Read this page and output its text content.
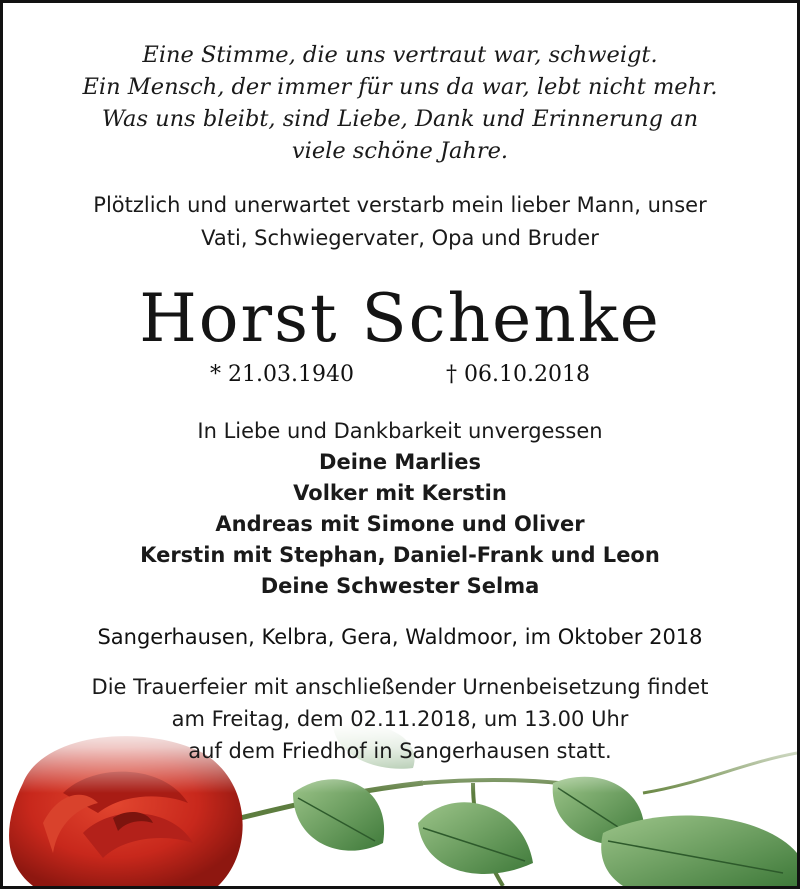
Eine Stimme, die uns vertraut war, schweigt.
Ein Mensch, der immer für uns da war, lebt nicht mehr.
Was uns bleibt, sind Liebe, Dank und Erinnerung an
viele schöne Jahre.
Plötzlich und unerwartet verstarb mein lieber Mann, unser
Vati, Schwiegervater, Opa und Bruder
Horst Schenke
* 21.03.1940	† 06.10.2018
In Liebe und Dankbarkeit unvergessen
Deine Marlies
Volker mit Kerstin
Andreas mit Simone und Oliver
Kerstin mit Stephan, Daniel-Frank und Leon
Deine Schwester Selma
Sangerhausen, Kelbra, Gera, Waldmoor, im Oktober 2018
Die Trauerfeier mit anschließender Urnenbeisetzung findet
am Freitag, dem 02.11.2018, um 13.00 Uhr
auf dem Friedhof in Sangerhausen statt.
